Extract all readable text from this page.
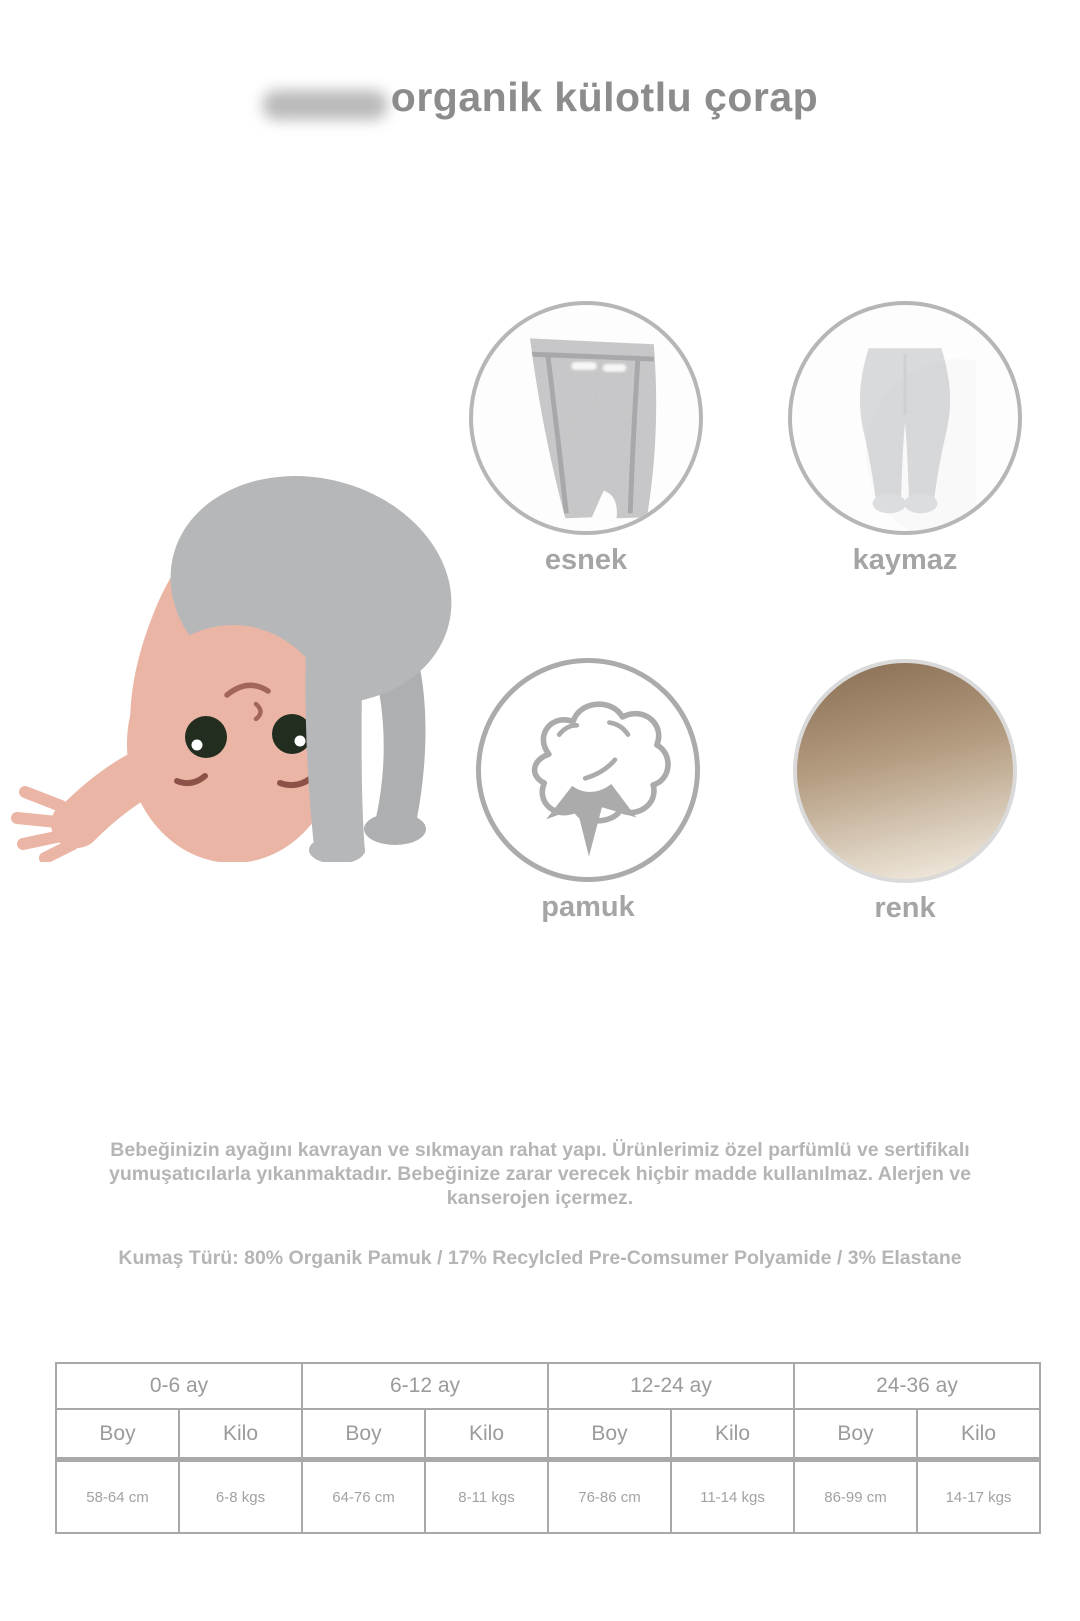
organik külotlu çorap
esnek	kaymaz
pamuk	renk

Bebeğinizin ayağını kavrayan ve sıkmayan rahat yapı. Ürünlerimiz özel parfümlü ve sertifikalı yumuşatıcılarla yıkanmaktadır. Bebeğinize zarar verecek hiçbir madde kullanılmaz. Alerjen ve kanserojen içermez.

Kumaş Türü: 80% Organik Pamuk / 17% Recylcled Pre-Comsumer Polyamide / 3% Elastane

0-6 ay		6-12 ay		12-24 ay		24-36 ay	
Boy	Kilo	Boy	Kilo	Boy	Kilo	Boy	Kilo
58-64 cm	6-8 kgs	64-76 cm	8-11 kgs	76-86 cm	11-14 kgs	86-99 cm	14-17 kgs
